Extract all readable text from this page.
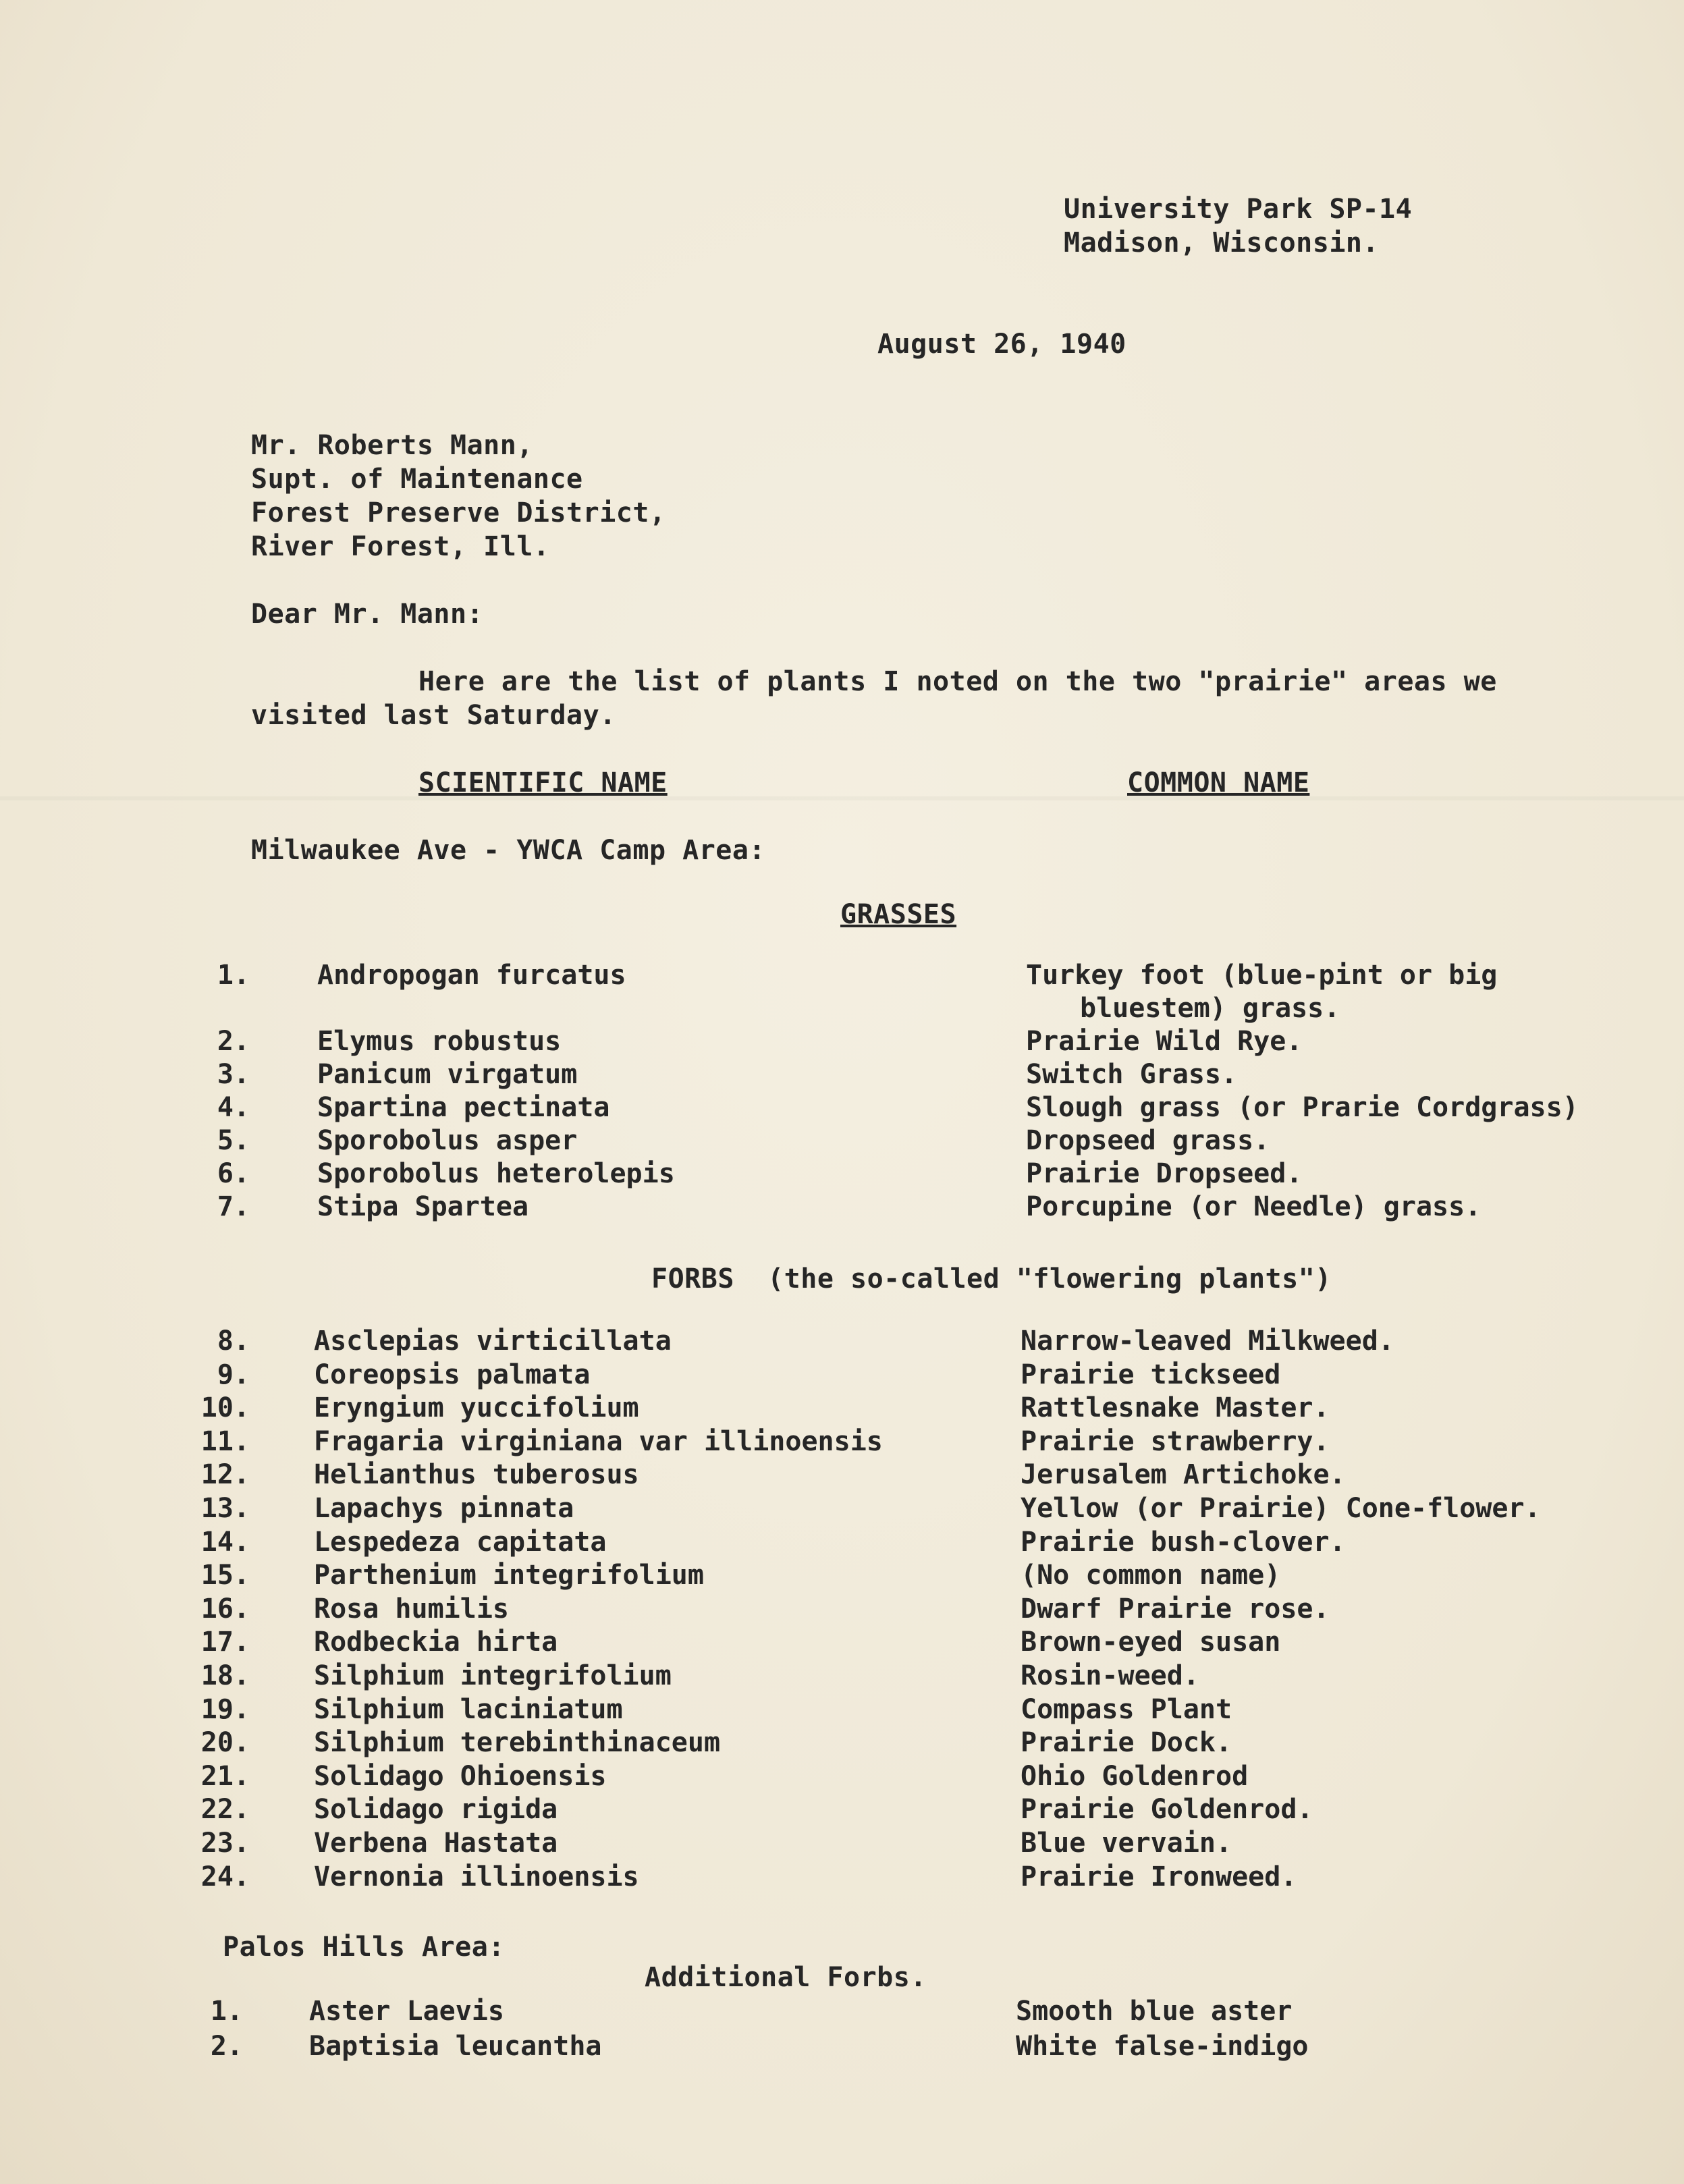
University Park SP-14
Madison, Wisconsin.
August 26, 1940
Mr. Roberts Mann,
Supt. of Maintenance
Forest Preserve District,
River Forest, Ill.
Dear Mr. Mann:
Here are the list of plants I noted on the two "prairie" areas we
visited last Saturday.
SCIENTIFIC NAME	COMMON NAME
Milwaukee Ave - YWCA Camp Area:
GRASSES
1.	Andropogan furcatus	Turkey foot (blue-pint or big
bluestem) grass.
2.	Elymus robustus	Prairie Wild Rye.
3.	Panicum virgatum	Switch Grass.
4.	Spartina pectinata	Slough grass (or Prarie Cordgrass)
5.	Sporobolus asper	Dropseed grass.
6.	Sporobolus heterolepis	Prairie Dropseed.
7.	Stipa Spartea	Porcupine (or Needle) grass.
FORBS  (the so-called "flowering plants")
8. Asclepias virticillata	Narrow-leaved Milkweed.
9. Coreopsis palmata	Prairie tickseed
10. Eryngium yuccifolium	Rattlesnake Master.
11. Fragaria virginiana var illinoensis	Prairie strawberry.
12. Helianthus tuberosus	Jerusalem Artichoke.
13. Lapachys pinnata	Yellow (or Prairie) Cone-flower.
14. Lespedeza capitata	Prairie bush-clover.
15. Parthenium integrifolium	(No common name)
16. Rosa humilis	Dwarf Prairie rose.
17. Rodbeckia hirta	Brown-eyed susan
18. Silphium integrifolium	Rosin-weed.
19. Silphium laciniatum	Compass Plant
20. Silphium terebinthinaceum	Prairie Dock.
21. Solidago Ohioensis	Ohio Goldenrod
22. Solidago rigida	Prairie Goldenrod.
23. Verbena Hastata	Blue vervain.
24. Vernonia illinoensis	Prairie Ironweed.
Palos Hills Area:
Additional Forbs.
1. Aster Laevis	Smooth blue aster
2. Baptisia leucantha	White false-indigo
